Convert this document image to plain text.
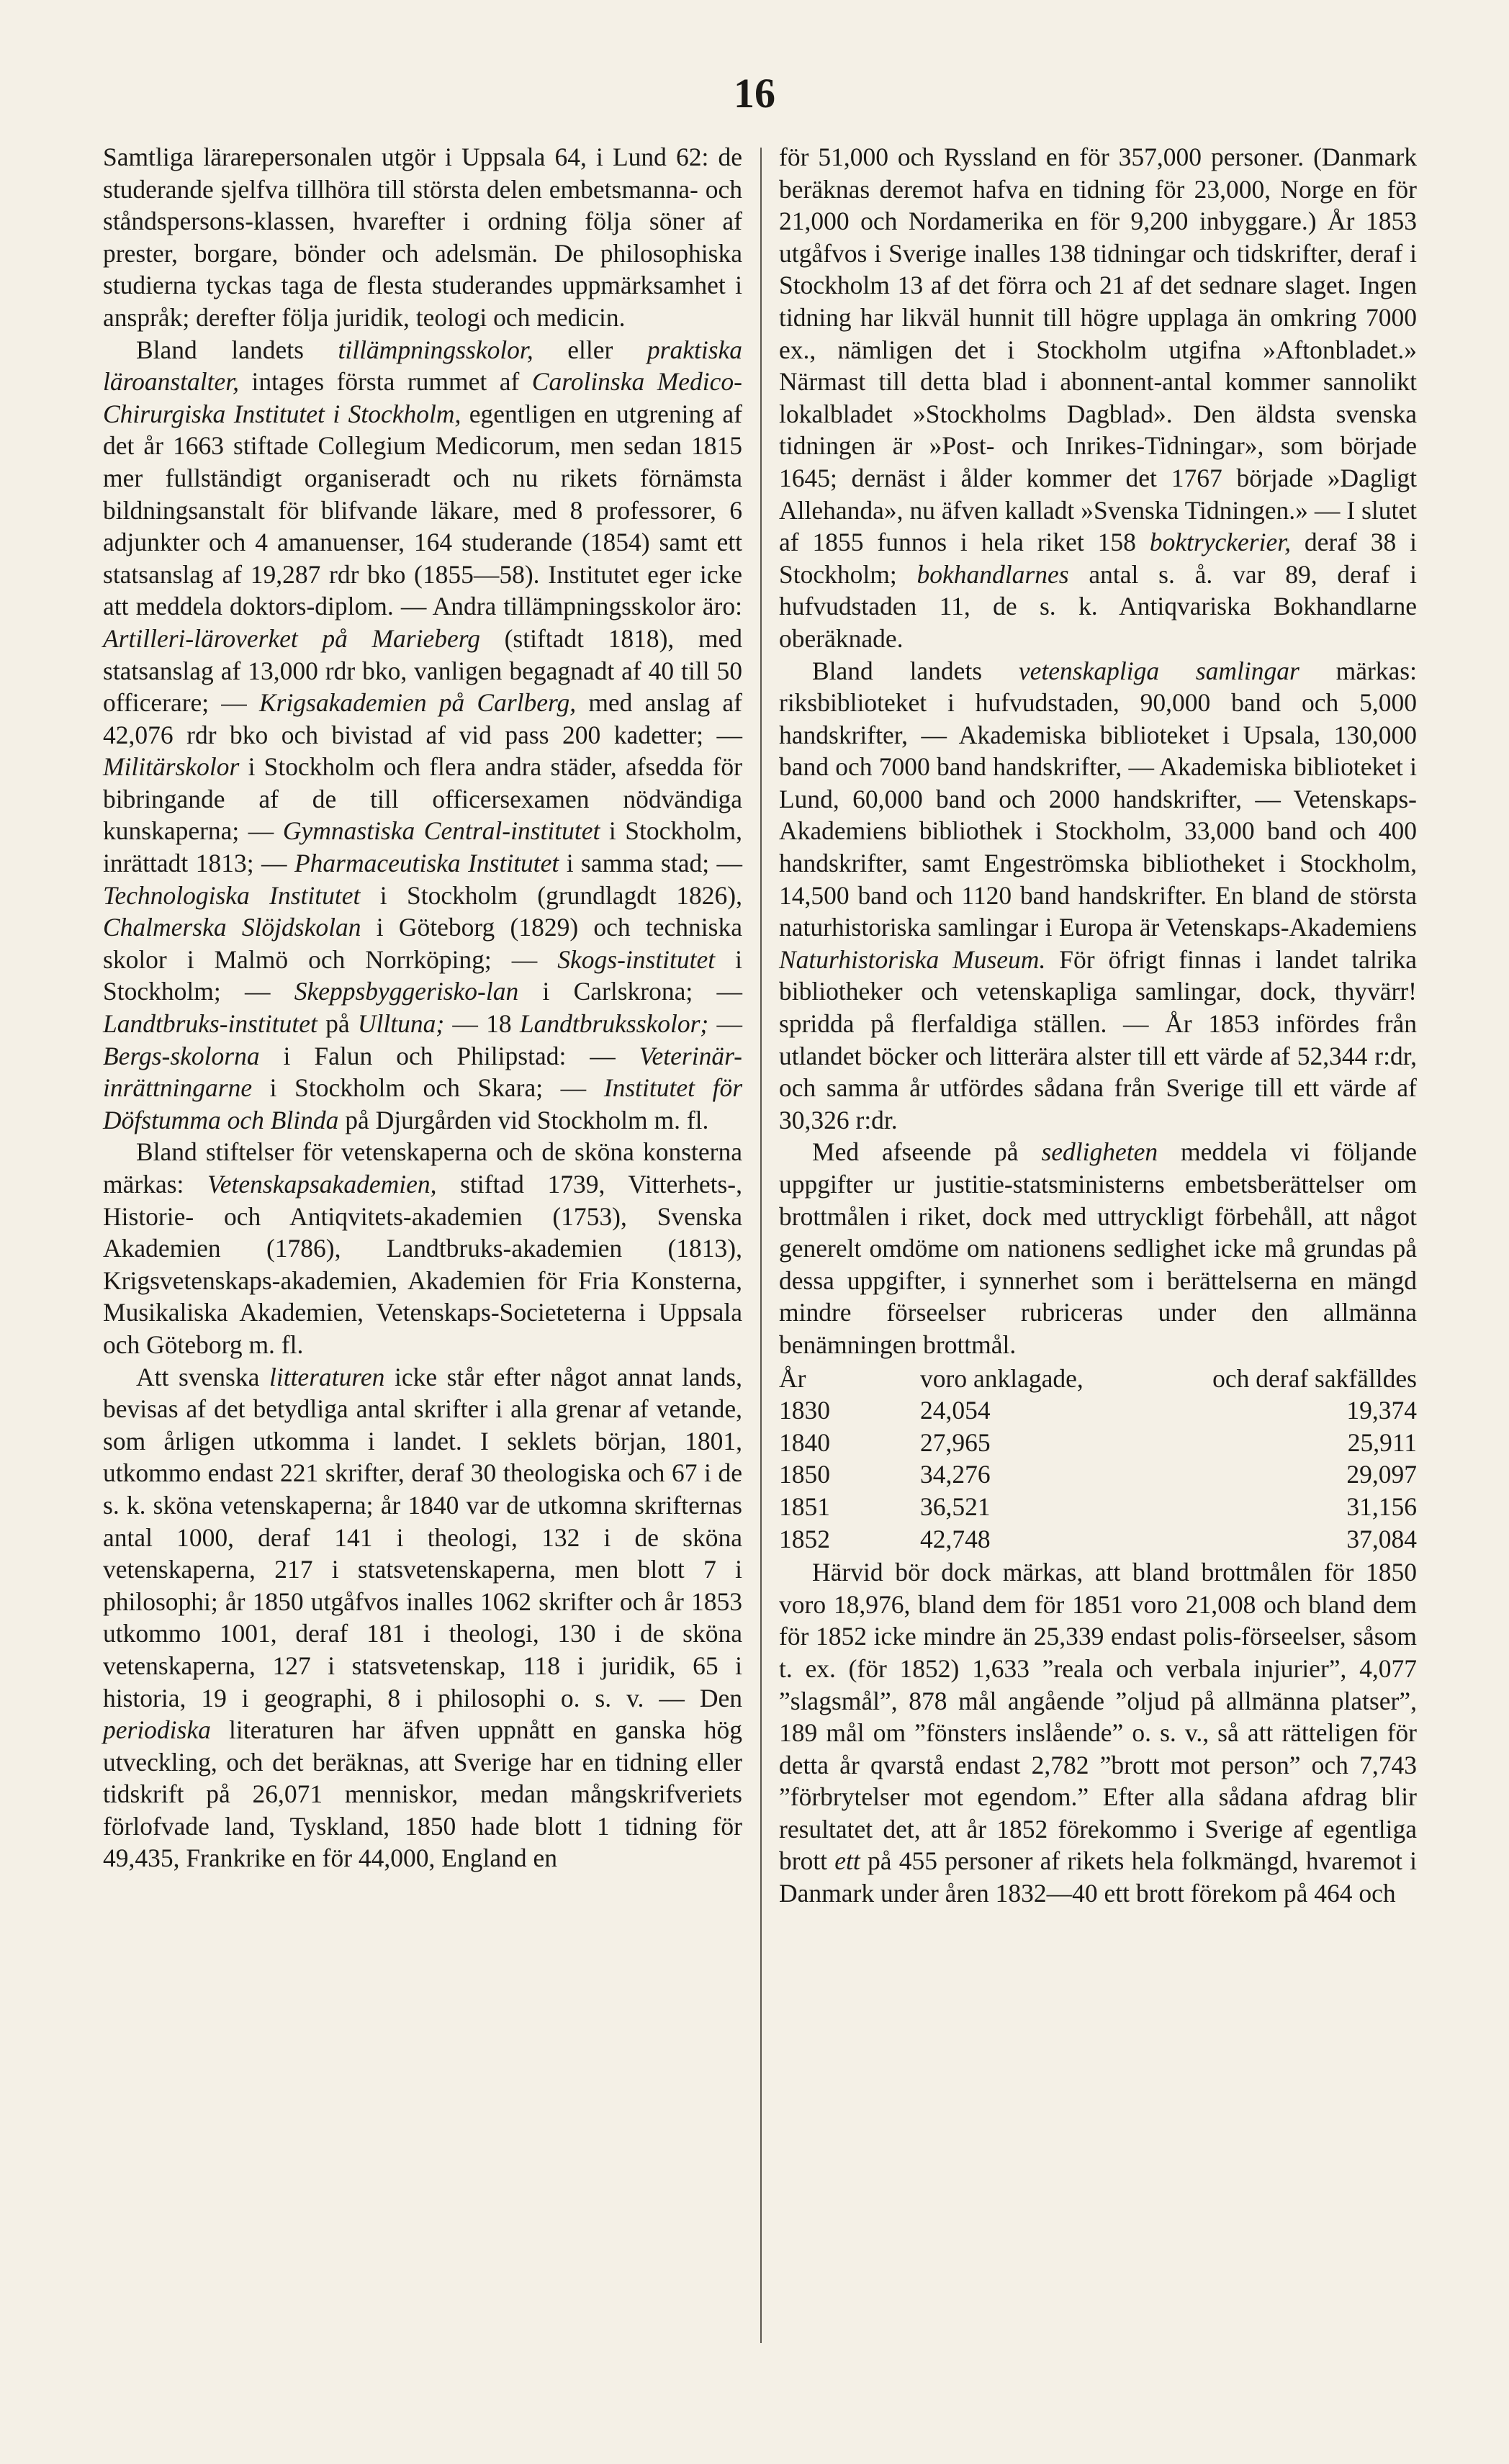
16

Samtliga lärarepersonalen utgör i Uppsala 64, i Lund 62: de studerande sjelfva tillhöra till största delen embetsmanna- och ståndspersons-klassen, hvarefter i ordning följa söner af prester, borgare, bönder och adelsmän. De philosophiska studierna tyckas taga de flesta studerandes uppmärksamhet i anspråk; derefter följa juridik, teologi och medicin.

Bland landets tillämpningsskolor, eller praktiska läroanstalter, intages första rummet af Carolinska Medico-Chirurgiska Institutet i Stockholm, egentligen en utgrening af det år 1663 stiftade Collegium Medicorum, men sedan 1815 mer fullständigt organiseradt och nu rikets förnämsta bildningsanstalt för blifvande läkare, med 8 professorer, 6 adjunkter och 4 amanuenser, 164 studerande (1854) samt ett statsanslag af 19,287 rdr bko (1855—58). Institutet eger icke att meddela doktors-diplom. — Andra tillämpningsskolor äro: Artilleri-läroverket på Marieberg (stiftadt 1818), med statsanslag af 13,000 rdr bko, vanligen begagnadt af 40 till 50 officerare; — Krigsakademien på Carlberg, med anslag af 42,076 rdr bko och bivistad af vid pass 200 kadetter; — Militärskolor i Stockholm och flera andra städer, afsedda för bibringande af de till officersexamen nödvändiga kunskaperna; — Gymnastiska Central-institutet i Stockholm, inrättadt 1813; — Pharmaceutiska Institutet i samma stad; — Technologiska Institutet i Stockholm (grundlagdt 1826), Chalmerska Slöjdskolan i Göteborg (1829) och techniska skolor i Malmö och Norrköping; — Skogs-institutet i Stockholm; — Skeppsbyggerisko-lan i Carlskrona; — Landtbruks-institutet på Ulltuna; — 18 Landtbruksskolor; — Bergs-skolorna i Falun och Philipstad: — Veterinär-inrättningarne i Stockholm och Skara; — Institutet för Döfstumma och Blinda på Djurgården vid Stockholm m. fl.

Bland stiftelser för vetenskaperna och de sköna konsterna märkas: Vetenskapsakademien, stiftad 1739, Vitterhets-, Historie- och Antiqvitets-akademien (1753), Svenska Akademien (1786), Landtbruks-akademien (1813), Krigsvetenskaps-akademien, Akademien för Fria Konsterna, Musikaliska Akademien, Vetenskaps-Societeterna i Uppsala och Göteborg m. fl.

Att svenska litteraturen icke står efter något annat lands, bevisas af det betydliga antal skrifter i alla grenar af vetande, som årligen utkomma i landet. I seklets början, 1801, utkommo endast 221 skrifter, deraf 30 theologiska och 67 i de s. k. sköna vetenskaperna; år 1840 var de utkomna skrifternas antal 1000, deraf 141 i theologi, 132 i de sköna vetenskaperna, 217 i statsvetenskaperna, men blott 7 i philosophi; år 1850 utgåfvos inalles 1062 skrifter och år 1853 utkommo 1001, deraf 181 i theologi, 130 i de sköna vetenskaperna, 127 i statsvetenskap, 118 i juridik, 65 i historia, 19 i geographi, 8 i philosophi o. s. v. — Den periodiska literaturen har äfven uppnått en ganska hög utveckling, och det beräknas, att Sverige har en tidning eller tidskrift på 26,071 menniskor, medan mångskrifveriets förlofvade land, Tyskland, 1850 hade blott 1 tidning för 49,435, Frankrike en för 44,000, England en

för 51,000 och Ryssland en för 357,000 personer. (Danmark beräknas deremot hafva en tidning för 23,000, Norge en för 21,000 och Nordamerika en för 9,200 inbyggare.) År 1853 utgåfvos i Sverige inalles 138 tidningar och tidskrifter, deraf i Stockholm 13 af det förra och 21 af det sednare slaget. Ingen tidning har likväl hunnit till högre upplaga än omkring 7000 ex., nämligen det i Stockholm utgifna »Aftonbladet.» Närmast till detta blad i abonnent-antal kommer sannolikt lokalbladet »Stockholms Dagblad». Den äldsta svenska tidningen är »Post- och Inrikes-Tidningar», som började 1645; dernäst i ålder kommer det 1767 började »Dagligt Allehanda», nu äfven kalladt »Svenska Tidningen.» — I slutet af 1855 funnos i hela riket 158 boktryckerier, deraf 38 i Stockholm; bokhandlarnes antal s. å. var 89, deraf i hufvudstaden 11, de s. k. Antiqvariska Bokhandlarne oberäknade.

Bland landets vetenskapliga samlingar märkas: riksbiblioteket i hufvudstaden, 90,000 band och 5,000 handskrifter, — Akademiska biblioteket i Upsala, 130,000 band och 7000 band handskrifter, — Akademiska biblioteket i Lund, 60,000 band och 2000 handskrifter, — Vetenskaps-Akademiens bibliothek i Stockholm, 33,000 band och 400 handskrifter, samt Engeströmska bibliotheket i Stockholm, 14,500 band och 1120 band handskrifter. En bland de största naturhistoriska samlingar i Europa är Vetenskaps-Akademiens Naturhistoriska Museum. För öfrigt finnas i landet talrika bibliotheker och vetenskapliga samlingar, dock, thyvärr! spridda på flerfaldiga ställen. — År 1853 infördes från utlandet böcker och litterära alster till ett värde af 52,344 r:dr, och samma år utfördes sådana från Sverige till ett värde af 30,326 r:dr.

Med afseende på sedligheten meddela vi följande uppgifter ur justitie-statsministerns embetsberättelser om brottmålen i riket, dock med uttryckligt förbehåll, att något generelt omdöme om nationens sedlighet icke må grundas på dessa uppgifter, i synnerhet som i berättelserna en mängd mindre förseelser rubriceras under den allmänna benämningen brottmål.

År	voro anklagade,	och deraf sakfälldes
1830	24,054	19,374
1840	27,965	25,911
1850	34,276	29,097
1851	36,521	31,156
1852	42,748	37,084

Härvid bör dock märkas, att bland brottmålen för 1850 voro 18,976, bland dem för 1851 voro 21,008 och bland dem för 1852 icke mindre än 25,339 endast polis-förseelser, såsom t. ex. (för 1852) 1,633 ”reala och verbala injurier”, 4,077 ”slagsmål”, 878 mål angående ”oljud på allmänna platser”, 189 mål om ”fönsters inslående” o. s. v., så att rätteligen för detta år qvarstå endast 2,782 ”brott mot person” och 7,743 ”förbrytelser mot egendom.” Efter alla sådana afdrag blir resultatet det, att år 1852 förekommo i Sverige af egentliga brott ett på 455 personer af rikets hela folkmängd, hvaremot i Danmark under åren 1832—40 ett brott förekom på 464 och
